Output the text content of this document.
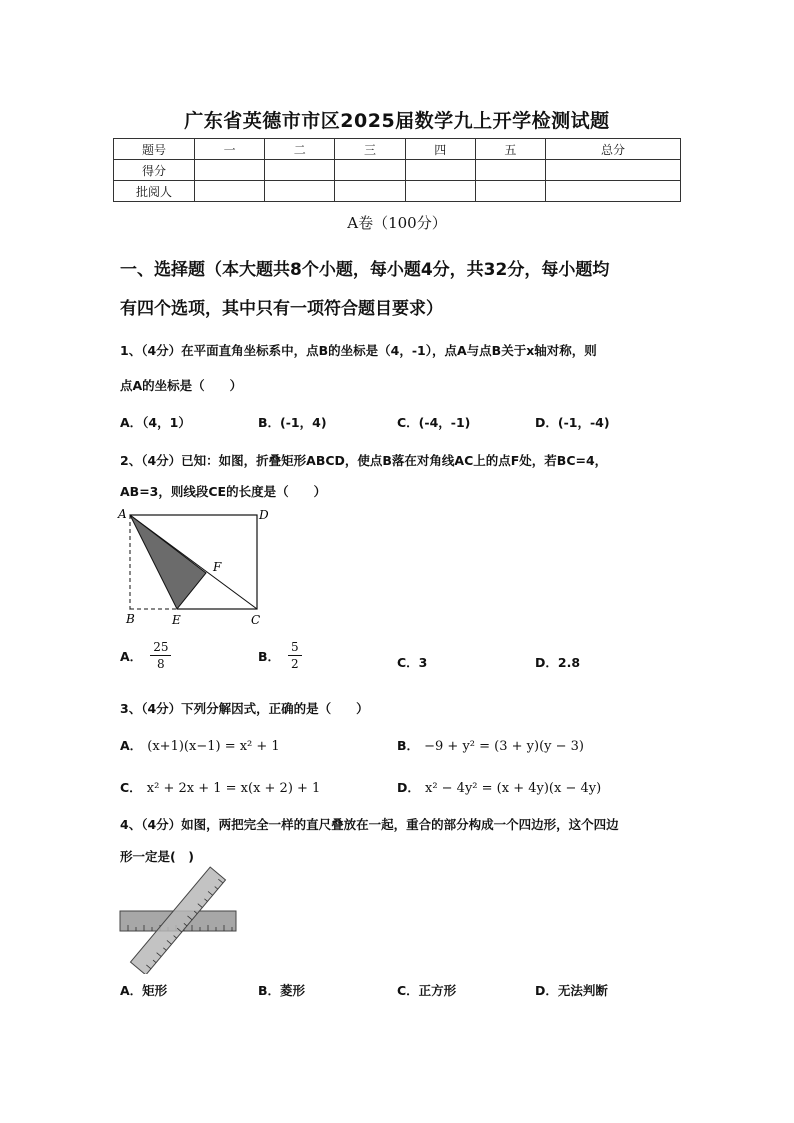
广东省英德市市区2025届数学九上开学检测试题
题号	一	二	三	四	五	总分
得分						
批阅人						
A卷（100分）
一、选择题（本大题共8个小题，每小题4分，共32分，每小题均
有四个选项，其中只有一项符合题目要求）
1、（4分）在平面直角坐标系中，点B的坐标是（4，-1），点A与点B关于x轴对称，则
点A的坐标是（　　）
A．（4，1）	B．(-1，4)	C．(-4，-1)	D．(-1，-4)
2、（4分）已知：如图，折叠矩形ABCD，使点B落在对角线AC上的点F处，若BC=4，
AB=3，则线段CE的长度是（　　）
A	D
B	E	C
F
A． $\frac{25}{8}$	B． $\frac{5}{2}$	C．3	D．2.8
3、（4分）下列分解因式，正确的是（　　）
A． (x+1)(x−1) = x² + 1	B． −9 + y² = (3 + y)(y − 3)
C． x² + 2x + 1 = x(x + 2) + 1	D． x² − 4y² = (x + 4y)(x − 4y)
4、（4分）如图，两把完全一样的直尺叠放在一起，重合的部分构成一个四边形，这个四边
形一定是(　)
A．矩形	B．菱形	C．正方形	D．无法判断
